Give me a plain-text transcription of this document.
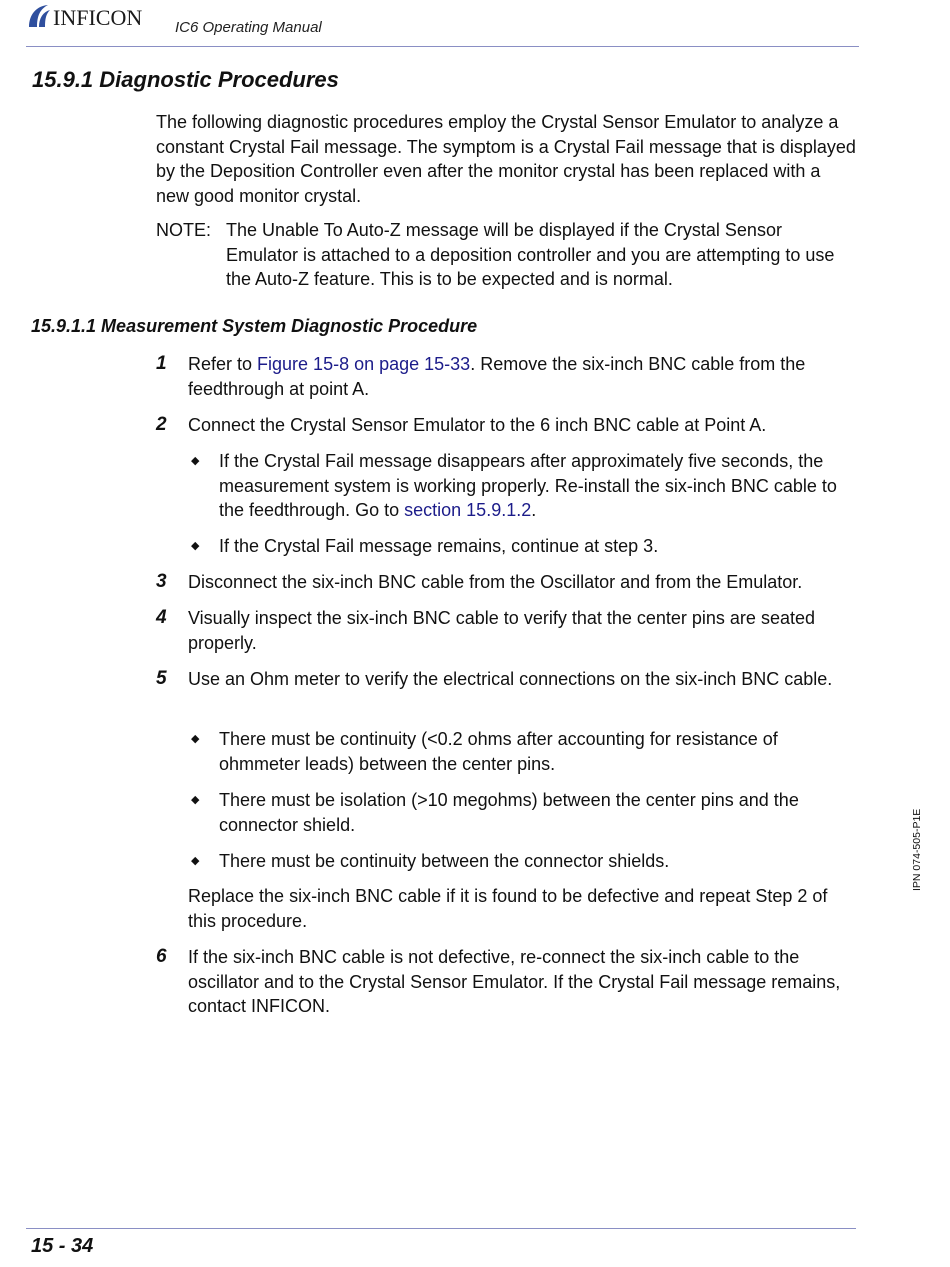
INFICON IC6 Operating Manual
15.9.1 Diagnostic Procedures
The following diagnostic procedures employ the Crystal Sensor Emulator to analyze a constant Crystal Fail message. The symptom is a Crystal Fail message that is displayed by the Deposition Controller even after the monitor crystal has been replaced with a new good monitor crystal.
NOTE: The Unable To Auto-Z message will be displayed if the Crystal Sensor Emulator is attached to a deposition controller and you are attempting to use the Auto-Z feature. This is to be expected and is normal.
15.9.1.1 Measurement System Diagnostic Procedure
1	Refer to Figure 15-8 on page 15-33. Remove the six-inch BNC cable from the feedthrough at point A.
2	Connect the Crystal Sensor Emulator to the 6 inch BNC cable at Point A.
◆ If the Crystal Fail message disappears after approximately five seconds, the measurement system is working properly. Re-install the six-inch BNC cable to the feedthrough. Go to section 15.9.1.2.
◆ If the Crystal Fail message remains, continue at step 3.
3	Disconnect the six-inch BNC cable from the Oscillator and from the Emulator.
4	Visually inspect the six-inch BNC cable to verify that the center pins are seated properly.
5	Use an Ohm meter to verify the electrical connections on the six-inch BNC cable.
◆ There must be continuity (<0.2 ohms after accounting for resistance of ohmmeter leads) between the center pins.
◆ There must be isolation (>10 megohms) between the center pins and the connector shield.
◆ There must be continuity between the connector shields.
Replace the six-inch BNC cable if it is found to be defective and repeat Step 2 of this procedure.
6	If the six-inch BNC cable is not defective, re-connect the six-inch cable to the oscillator and to the Crystal Sensor Emulator. If the Crystal Fail message remains, contact INFICON.
IPN 074-505-P1E
15 - 34
